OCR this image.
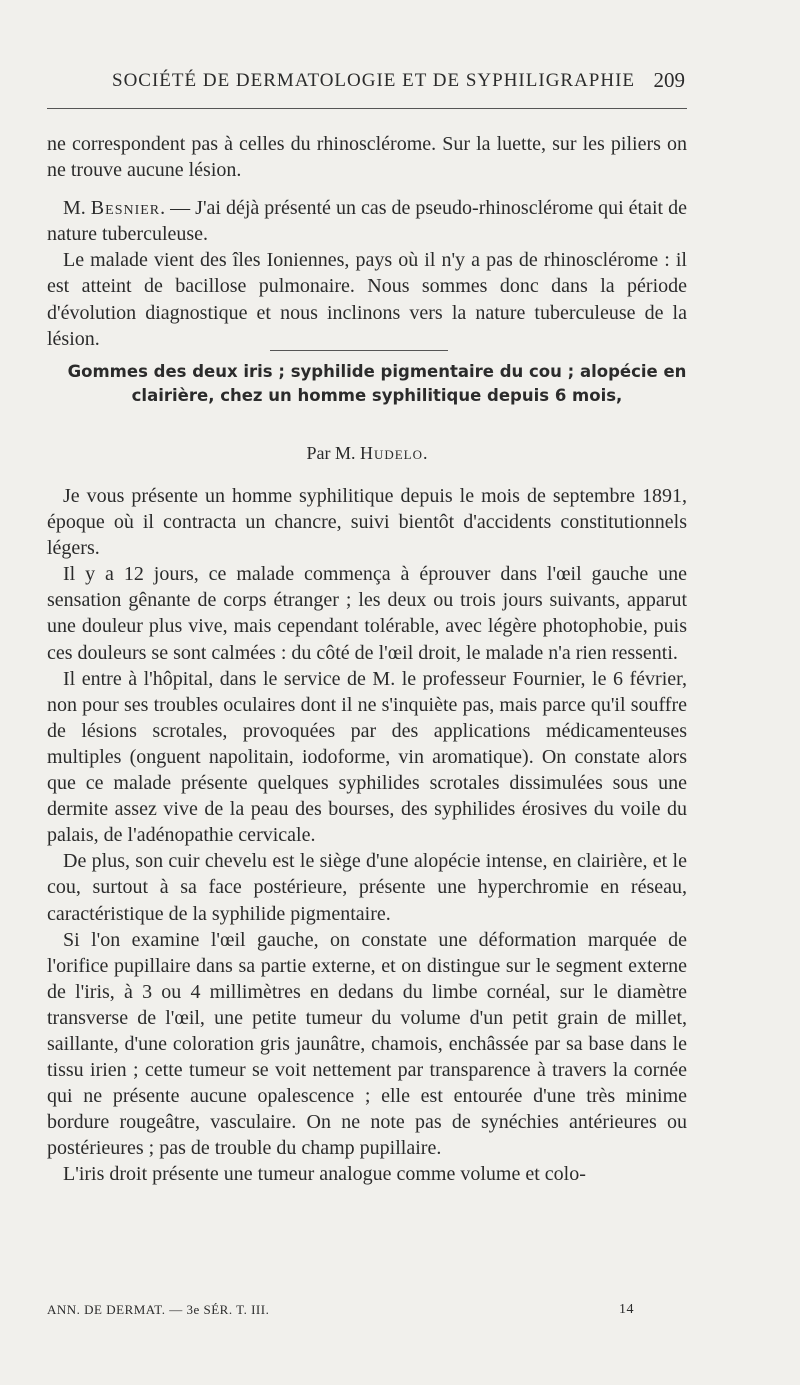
SOCIÉTÉ DE DERMATOLOGIE ET DE SYPHILIGRAPHIE 209

ne correspondent pas à celles du rhinosclérome. Sur la luette, sur les piliers on ne trouve aucune lésion.

M. Besnier. — J'ai déjà présenté un cas de pseudo-rhinosclérome qui était de nature tuberculeuse.

Le malade vient des îles Ioniennes, pays où il n'y a pas de rhinosclérome : il est atteint de bacillose pulmonaire. Nous sommes donc dans la période d'évolution diagnostique et nous inclinons vers la nature tuberculeuse de la lésion.

Gommes des deux iris ; syphilide pigmentaire du cou ; alopécie en
clairière, chez un homme syphilitique depuis 6 mois,
Par M. Hudelo.

Je vous présente un homme syphilitique depuis le mois de septembre 1891, époque où il contracta un chancre, suivi bientôt d'accidents constitutionnels légers.

Il y a 12 jours, ce malade commença à éprouver dans l'œil gauche une sensation gênante de corps étranger ; les deux ou trois jours suivants, apparut une douleur plus vive, mais cependant tolérable, avec légère photophobie, puis ces douleurs se sont calmées : du côté de l'œil droit, le malade n'a rien ressenti.

Il entre à l'hôpital, dans le service de M. le professeur Fournier, le 6 février, non pour ses troubles oculaires dont il ne s'inquiète pas, mais parce qu'il souffre de lésions scrotales, provoquées par des applications médicamenteuses multiples (onguent napolitain, iodoforme, vin aromatique). On constate alors que ce malade présente quelques syphilides scrotales dissimulées sous une dermite assez vive de la peau des bourses, des syphilides érosives du voile du palais, de l'adénopathie cervicale.

De plus, son cuir chevelu est le siège d'une alopécie intense, en clairière, et le cou, surtout à sa face postérieure, présente une hyperchromie en réseau, caractéristique de la syphilide pigmentaire.

Si l'on examine l'œil gauche, on constate une déformation marquée de l'orifice pupillaire dans sa partie externe, et on distingue sur le segment externe de l'iris, à 3 ou 4 millimètres en dedans du limbe cornéal, sur le diamètre transverse de l'œil, une petite tumeur du volume d'un petit grain de millet, saillante, d'une coloration gris jaunâtre, chamois, enchâssée par sa base dans le tissu irien ; cette tumeur se voit nettement par transparence à travers la cornée qui ne présente aucune opalescence ; elle est entourée d'une très minime bordure rougeâtre, vasculaire. On ne note pas de synéchies antérieures ou postérieures ; pas de trouble du champ pupillaire.

L'iris droit présente une tumeur analogue comme volume et colo-

ANN. DE DERMAT. — 3e SÉR. T. III.	14
